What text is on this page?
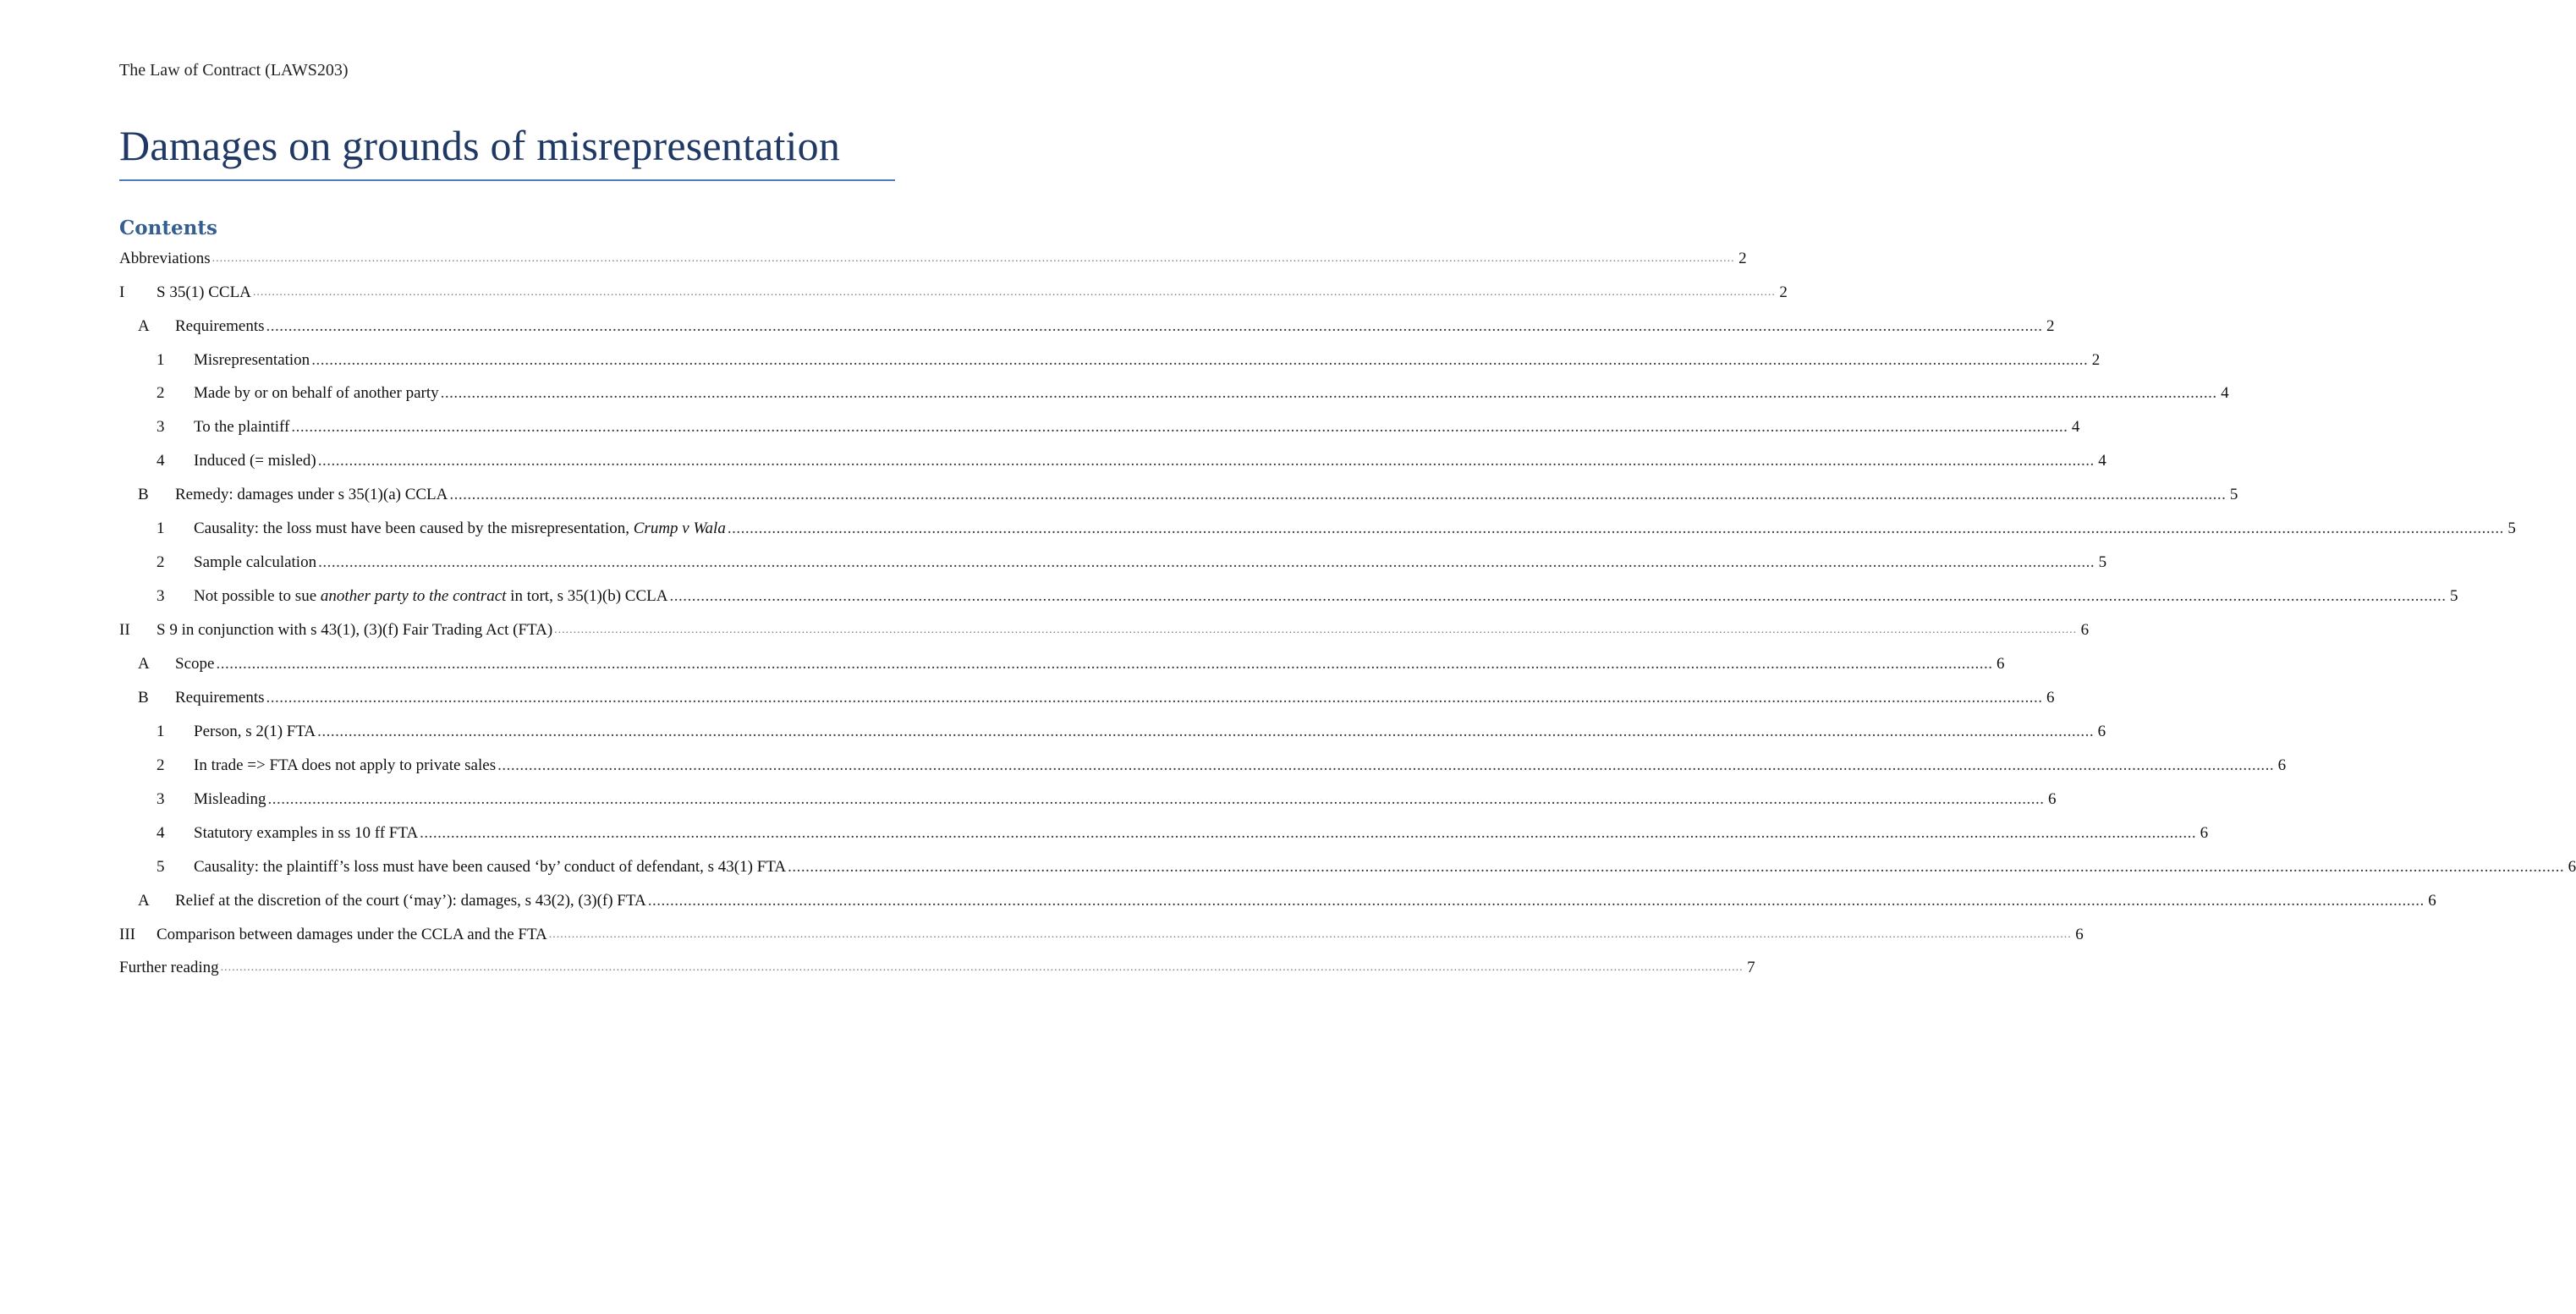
The Law of Contract (LAWS203)
Damages on grounds of misrepresentation
Contents
Abbreviations .....	2
I	S 35(1) CCLA .....	2
A	Requirements .....	2
1	Misrepresentation .....	2
2	Made by or on behalf of another party .....	4
3	To the plaintiff .....	4
4	Induced (= misled) .....	4
B	Remedy: damages under s 35(1)(a) CCLA .....	5
1	Causality: the loss must have been caused by the misrepresentation, Crump v Wala .....	5
2	Sample calculation .....	5
3	Not possible to sue another party to the contract in tort, s 35(1)(b) CCLA .....	5
II	S 9 in conjunction with s 43(1), (3)(f) Fair Trading Act (FTA) .....	6
A	Scope .....	6
B	Requirements .....	6
1	Person, s 2(1) FTA .....	6
2	In trade => FTA does not apply to private sales .....	6
3	Misleading .....	6
4	Statutory examples in ss 10 ff FTA .....	6
5	Causality: the plaintiff’s loss must have been caused ‘by’ conduct of defendant, s 43(1) FTA .....	6
A	Relief at the discretion of the court (‘may’): damages, s 43(2), (3)(f) FTA .....	6
III	Comparison between damages under the CCLA and the FTA .....	6
Further reading .....	7
